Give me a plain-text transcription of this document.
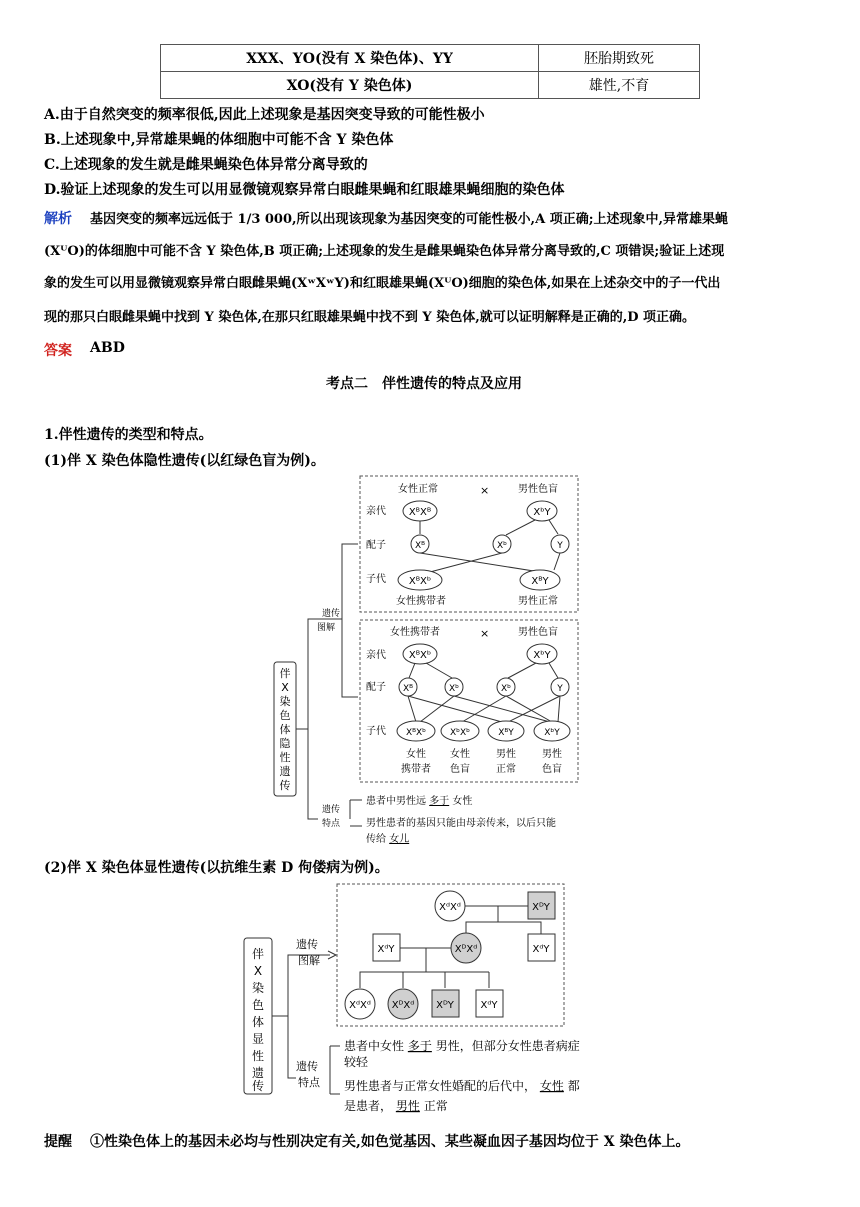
XXX、YO(没有 X 染色体)、YY	胚胎期致死
XO(没有 Y 染色体)	雄性,不育
A.由于自然突变的频率很低,因此上述现象是基因突变导致的可能性极小
B.上述现象中,异常雄果蝇的体细胞中可能不含 Y 染色体
C.上述现象的发生就是雌果蝇染色体异常分离导致的
D.验证上述现象的发生可以用显微镜观察异常白眼雌果蝇和红眼雄果蝇细胞的染色体
解析 基因突变的频率远远低于 1/3 000,所以出现该现象为基因突变的可能性极小,A 项正确;上述现象中,异常雄果蝇
(XᵂO)的体细胞中可能不含 Y 染色体,B 项正确;上述现象的发生是雌果蝇染色体异常分离导致的,C 项错误;验证上述现
象的发生可以用显微镜观察异常白眼雌果蝇(XʷXʷY)和红眼雄果蝇(XᵂO)细胞的染色体,如果在上述杂交中的子一代出
现的那只白眼雌果蝇中找到 Y 染色体,在那只红眼雄果蝇中找不到 Y 染色体,就可以证明解释是正确的,D 项正确。
答案 ABD
考点二　伴性遗传的特点及应用
1.伴性遗传的类型和特点。
(1)伴 X 染色体隐性遗传(以红绿色盲为例)。
伴
X
染
色
体
隐
性
遗
传
遗传
图解
遗传
特点
女性正常	×	男性色盲
亲代
配子
子代
XᴮXᴮ	XᵇY
Xᴮ	Xᵇ	Y
XᴮXᵇ	XᴮY
女性携带者	男性正常
女性携带者	×	男性色盲
亲代
配子
子代
XᴮXᵇ	XᵇY
Xᴮ	Xᵇ	Xᵇ	Y
XᴮXᵇ	XᵇXᵇ	XᴮY	XᵇY
女性
携带者
女性
色盲
男性
正常
男性
色盲
患者中男性远 多于 女性
男性患者的基因只能由母亲传来，以后只能
传给 女儿
(2)伴 X 染色体显性遗传(以抗维生素 D 佝偻病为例)。
伴
X
染
色
体
显
性
遗
传
遗传
图解
遗传
特点
XᵈXᵈ	XᴰY
XᵈY	XᴰXᵈ	XᵈY
XᵈXᵈ XᴰXᵈ XᴰY	XᵈY
患者中女性 多于 男性，但部分女性患者病症
较轻
男性患者与正常女性婚配的后代中， 女性 都
是患者， 男性 正常
提醒 ①性染色体上的基因未必均与性别决定有关,如色觉基因、某些凝血因子基因均位于 X 染色体上。
